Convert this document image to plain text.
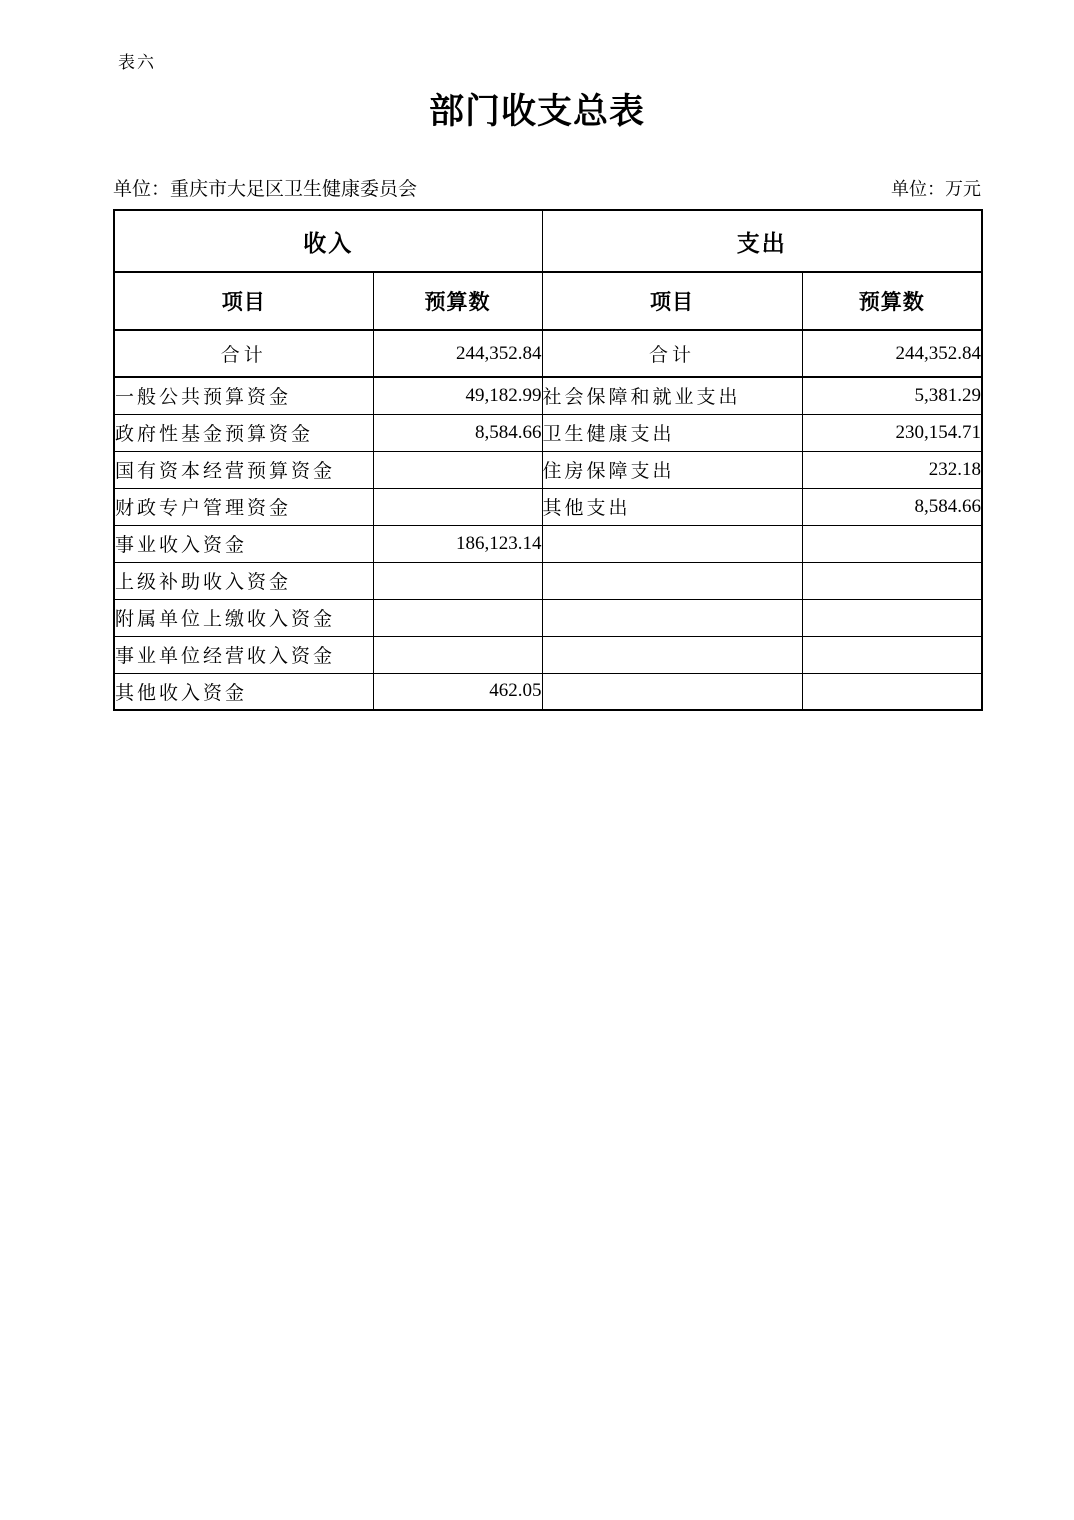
表六
部门收支总表
单位：重庆市大足区卫生健康委员会	单位：万元
收入		支出	
项目	预算数	项目	预算数
合计	244,352.84	合计	244,352.84
一般公共预算资金	49,182.99	社会保障和就业支出	5,381.29
政府性基金预算资金	8,584.66	卫生健康支出	230,154.71
国有资本经营预算资金		住房保障支出	232.18
财政专户管理资金		其他支出	8,584.66
事业收入资金	186,123.14		
上级补助收入资金			
附属单位上缴收入资金			
事业单位经营收入资金			
其他收入资金	462.05		
